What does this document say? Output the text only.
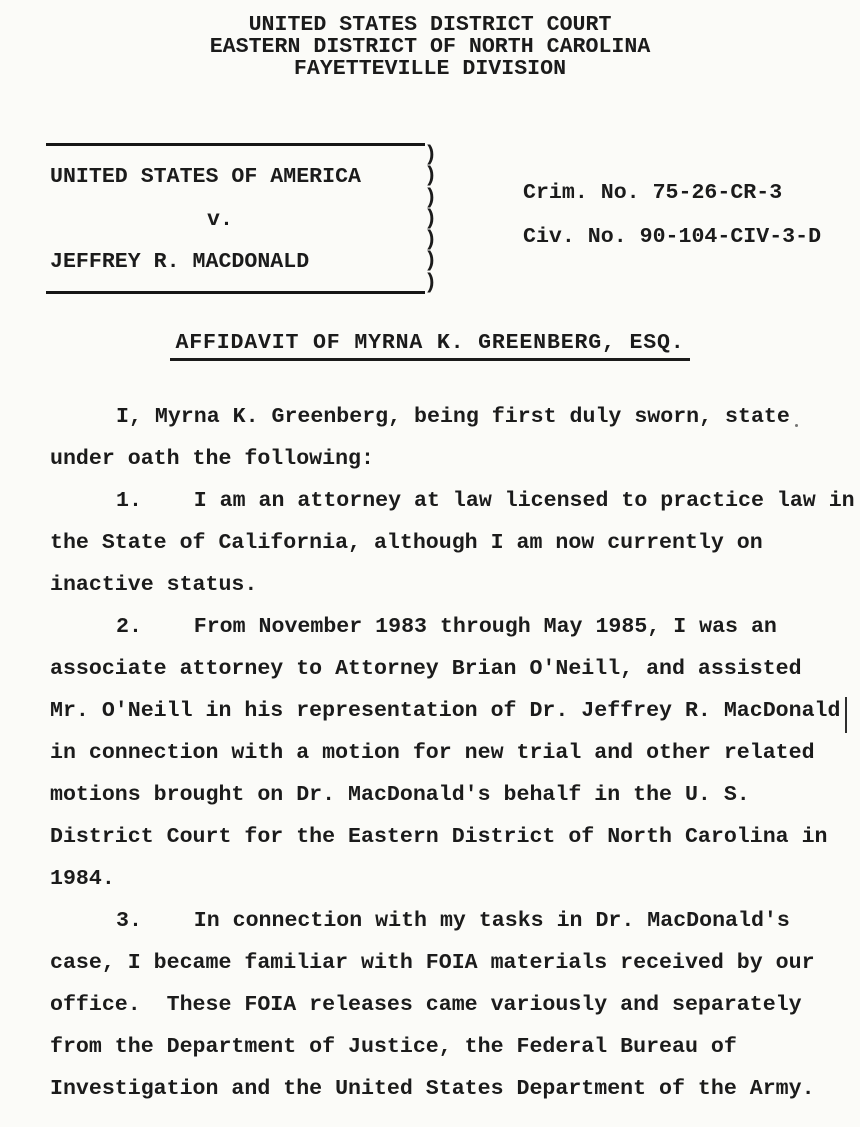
UNITED STATES DISTRICT COURT
EASTERN DISTRICT OF NORTH CAROLINA
FAYETTEVILLE DIVISION
UNITED STATES OF AMERICA
v.
JEFFREY R. MACDONALD
)
)
)
)
)
)
)
Crim. No. 75-26-CR-3
Civ. No. 90-104-CIV-3-D
AFFIDAVIT OF MYRNA K. GREENBERG, ESQ.
I, Myrna K. Greenberg, being first duly sworn, state
under oath the following:
1.    I am an attorney at law licensed to practice law in
the State of California, although I am now currently on
inactive status.
2.    From November 1983 through May 1985, I was an
associate attorney to Attorney Brian O'Neill, and assisted
Mr. O'Neill in his representation of Dr. Jeffrey R. MacDonald
in connection with a motion for new trial and other related
motions brought on Dr. MacDonald's behalf in the U. S.
District Court for the Eastern District of North Carolina in
1984.
3.    In connection with my tasks in Dr. MacDonald's
case, I became familiar with FOIA materials received by our
office.  These FOIA releases came variously and separately
from the Department of Justice, the Federal Bureau of
Investigation and the United States Department of the Army.
